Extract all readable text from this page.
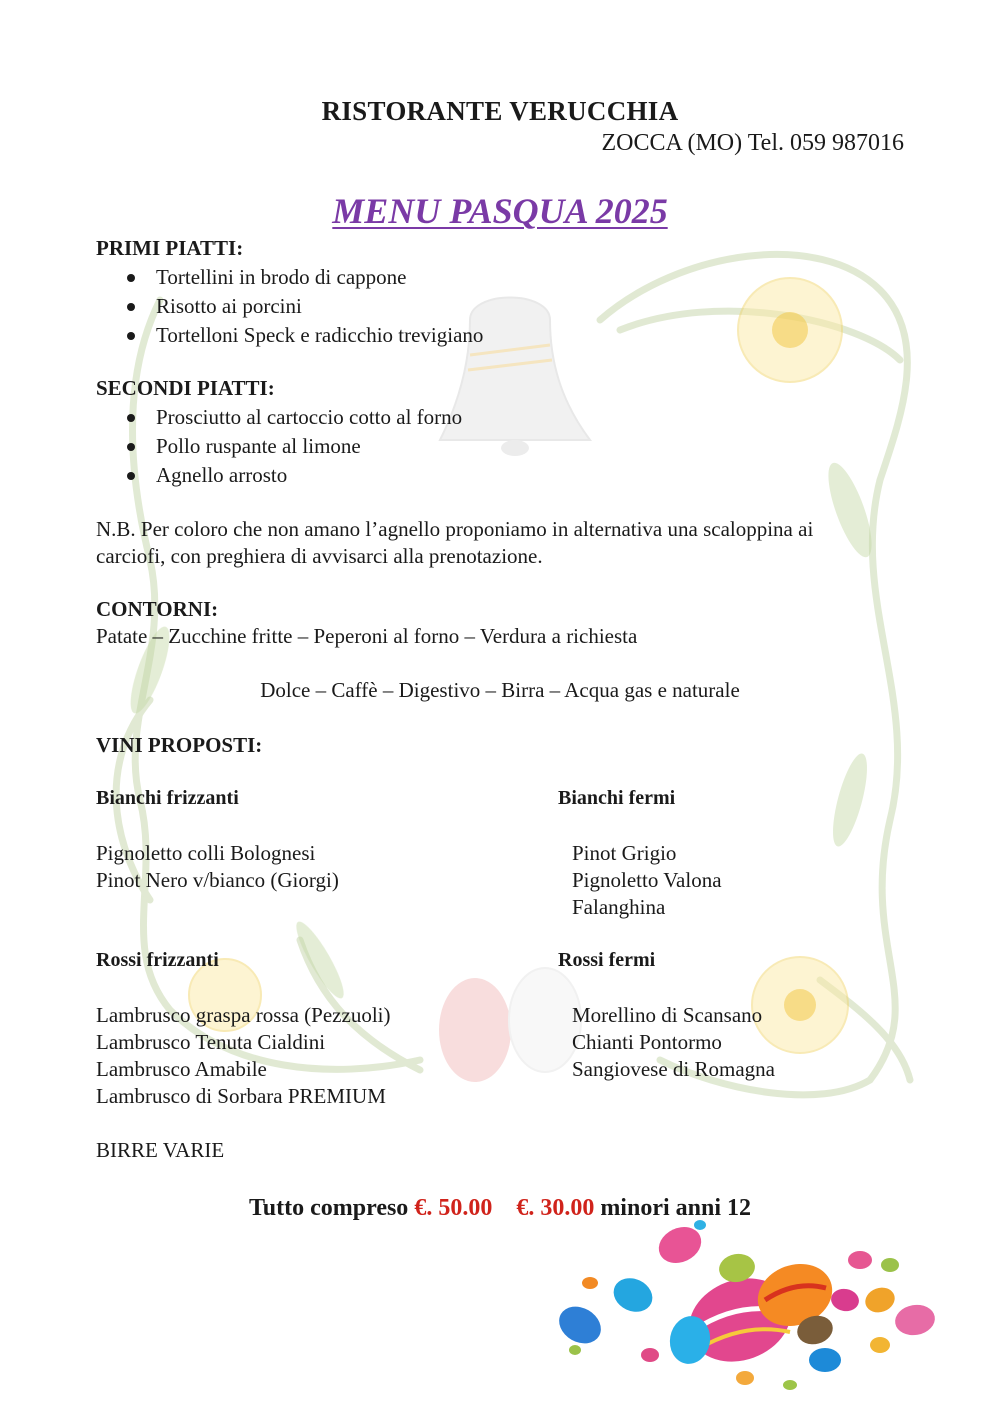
RISTORANTE VERUCCHIA
ZOCCA (MO) Tel. 059 987016
MENU PASQUA 2025
PRIMI PIATTI:
Tortellini in brodo di cappone
Risotto ai porcini
Tortelloni Speck e radicchio trevigiano
SECONDI PIATTI:
Prosciutto al cartoccio cotto al forno
Pollo ruspante al limone
Agnello arrosto
N.B. Per coloro che non amano l’agnello proponiamo in alternativa una scaloppina ai
carciofi, con preghiera di avvisarci alla prenotazione.
CONTORNI:
Patate – Zucchine fritte – Peperoni al forno – Verdura a richiesta
Dolce – Caffè – Digestivo – Birra – Acqua gas e naturale
VINI PROPOSTI:
Bianchi frizzanti	Bianchi fermi
Pignoletto colli Bolognesi
Pinot Nero v/bianco (Giorgi)
Pinot Grigio
Pignoletto Valona
Falanghina
Rossi frizzanti	Rossi fermi
Lambrusco graspa rossa (Pezzuoli)
Lambrusco Tenuta Cialdini
Lambrusco Amabile
Lambrusco di Sorbara PREMIUM
Morellino di Scansano
Chianti Pontormo
Sangiovese di Romagna
BIRRE VARIE
Tutto compreso €. 50.00 €. 30.00 minori anni 12
